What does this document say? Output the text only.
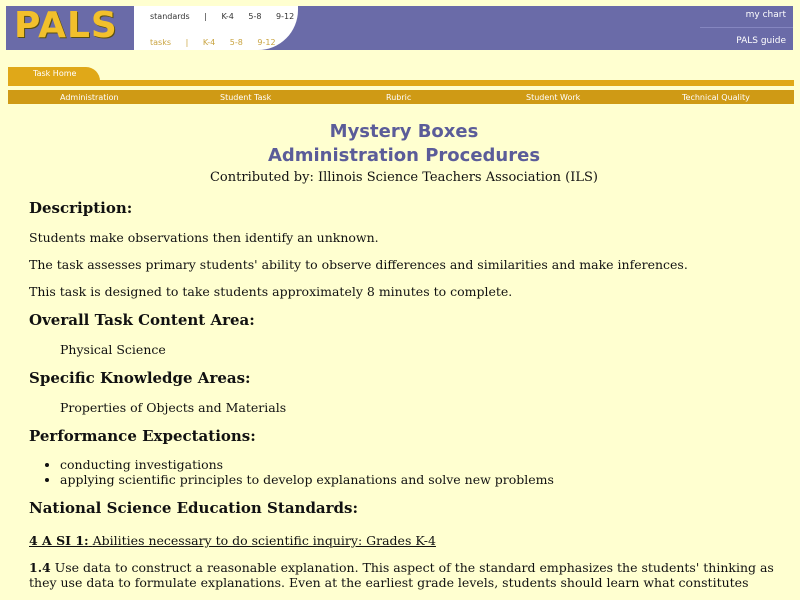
PALS	standards | K-4 5-8 9-12
tasks | K-4 5-8 9-12
my chart
PALS guide
Task Home
Administration	Student Task	Rubric	Student Work	Technical Quality
Mystery Boxes
Administration Procedures
Contributed by: Illinois Science Teachers Association (ILS)
Description:

Students make observations then identify an unknown.

The task assesses primary students' ability to observe differences and similarities and make inferences.

This task is designed to take students approximately 8 minutes to complete.

Overall Task Content Area:

Physical Science

Specific Knowledge Areas:

Properties of Objects and Materials

Performance Expectations:
• conducting investigations
• applying scientific principles to develop explanations and solve new problems
National Science Education Standards:

4 A SI 1: Abilities necessary to do scientific inquiry: Grades K-4

1.4 Use data to construct a reasonable explanation. This aspect of the standard emphasizes the students' thinking as they use data to formulate explanations. Even at the earliest grade levels, students should learn what constitutes
